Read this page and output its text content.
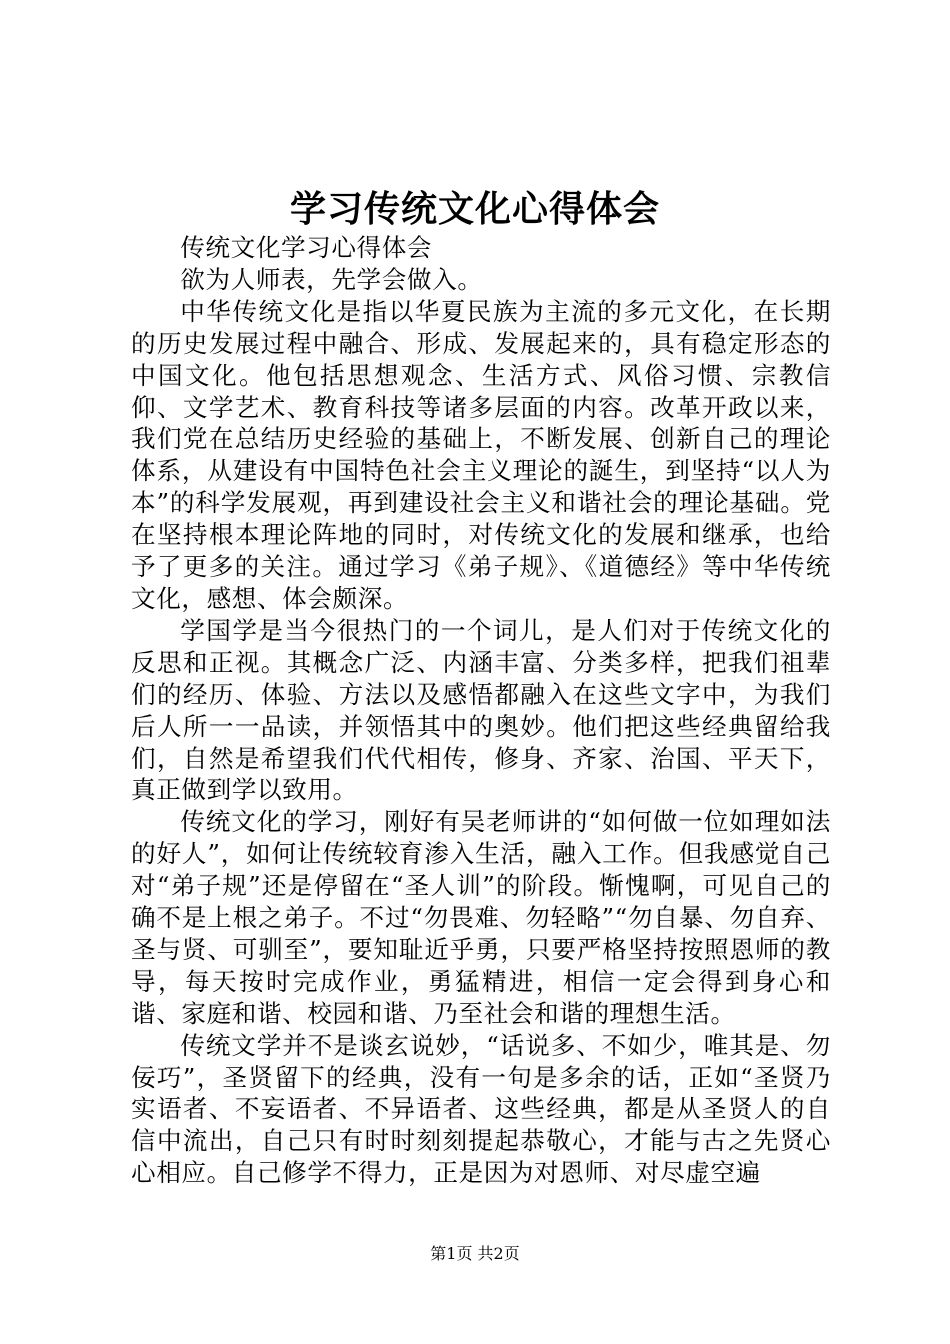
学习传统文化心得体会

传统文化学习心得体会

欲为人师表，先学会做入。

中华传统文化是指以华夏民族为主流的多元文化，在长期的历史发展过程中融合、形成、发展起来的，具有稳定形态的中国文化。他包括思想观念、生活方式、风俗习惯、宗教信仰、文学艺术、教育科技等诸多层面的内容。改革开政以来，我们党在总结历史经验的基础上，不断发展、创新自己的理论体系，从建设有中国特色社会主义理论的誕生，到坚持“以人为本”的科学发展观，再到建设社会主义和谐社会的理论基础。党在坚持根本理论阵地的同时，对传统文化的发展和继承，也给予了更多的关注。通过学习《弟子规》、《道德经》等中华传统文化，感想、体会颇深。

学国学是当今很热门的一个词儿，是人们对于传统文化的反思和正视。其概念广泛、内涵丰富、分类多样，把我们祖辈们的经历、体验、方法以及感悟都融入在这些文字中，为我们后人所一一品读，并领悟其中的奥妙。他们把这些经典留给我们，自然是希望我们代代相传，修身、齐家、治国、平天下，真正做到学以致用。

传统文化的学习，刚好有吴老师讲的“如何做一位如理如法的好人”，如何让传统较育渗入生活，融入工作。但我感觉自己对“弟子规”还是停留在“圣人训”的阶段。惭愧啊，可见自己的确不是上根之弟子。不过“勿畏难、勿轻略”“勿自暴、勿自弃、圣与贤、可驯至”，要知耻近乎勇，只要严格坚持按照恩师的教导，每天按时完成作业，勇猛精进，相信一定会得到身心和谐、家庭和谐、校园和谐、乃至社会和谐的理想生活。

传统文学并不是谈玄说妙，“话说多、不如少，唯其是、勿佞巧”，圣贤留下的经典，没有一句是多余的话，正如“圣贤乃实语者、不妄语者、不异语者、这些经典，都是从圣贤人的自信中流出，自己只有时时刻刻提起恭敬心，才能与古之先贤心心相应。自己修学不得力，正是因为对恩师、对尽虚空遍

第1页 共2页
